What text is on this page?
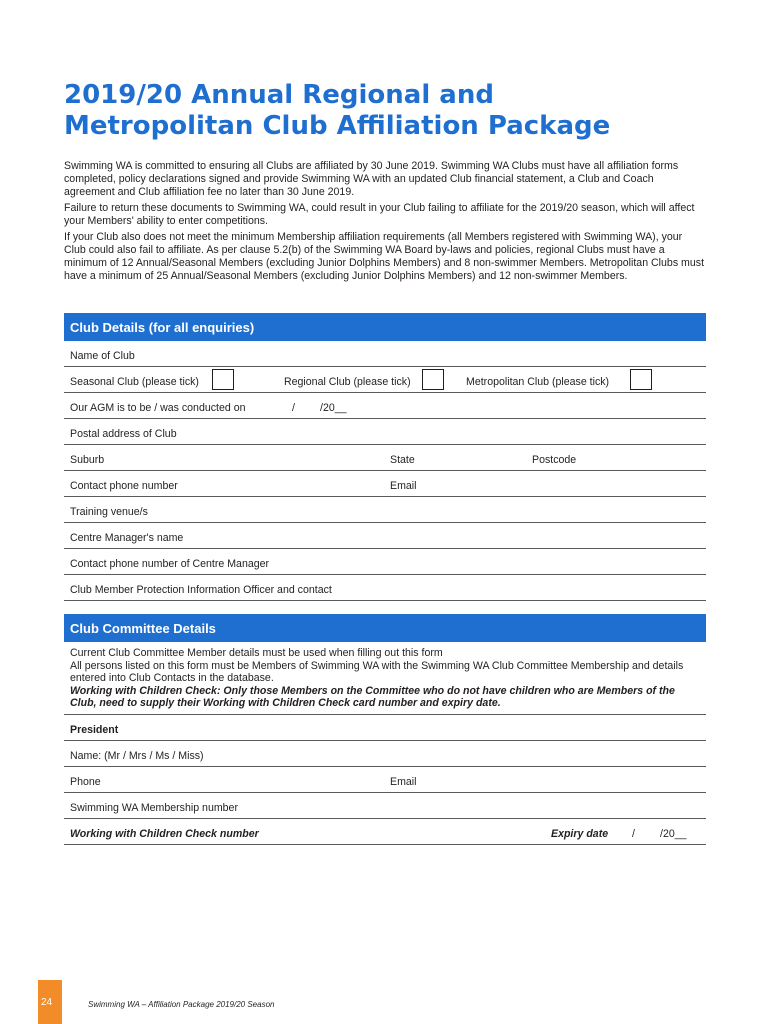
2019/20 Annual Regional and
Metropolitan Club Affiliation Package

Swimming WA is committed to ensuring all Clubs are affiliated by 30 June 2019. Swimming WA Clubs must have all affiliation forms completed, policy declarations signed and provide Swimming WA with an updated Club financial statement, a Club and Coach agreement and Club affiliation fee no later than 30 June 2019.

Failure to return these documents to Swimming WA, could result in your Club failing to affiliate for the 2019/20 season, which will affect your Members' ability to enter competitions.

If your Club also does not meet the minimum Membership affiliation requirements (all Members registered with Swimming WA), your Club could also fail to affiliate. As per clause 5.2(b) of the Swimming WA Board by-laws and policies, regional Clubs must have a minimum of 12 Annual/Seasonal Members (excluding Junior Dolphins Members) and 8 non-swimmer Members. Metropolitan Clubs must have a minimum of 25 Annual/Seasonal Members (excluding Junior Dolphins Members) and 12 non-swimmer Members.

Club Details (for all enquiries)
Name of Club
Seasonal Club (please tick)	Regional Club (please tick)	Metropolitan Club (please tick)
Our AGM is to be / was conducted on	/ /20__
Postal address of Club
Suburb	State	Postcode
Contact phone number	Email
Training venue/s
Centre Manager's name
Contact phone number of Centre Manager
Club Member Protection Information Officer and contact
Club Committee Details

Current Club Committee Member details must be used when filling out this form

All persons listed on this form must be Members of Swimming WA with the Swimming WA Club Committee Membership and details entered into Club Contacts in the database.

Working with Children Check: Only those Members on the Committee who do not have children who are Members of the Club, need to supply their Working with Children Check card number and expiry date.

President
Name: (Mr / Mrs / Ms / Miss)
Phone	Email
Swimming WA Membership number
Working with Children Check number	Expiry date / /20__
24	Swimming WA – Affiliation Package 2019/20 Season
